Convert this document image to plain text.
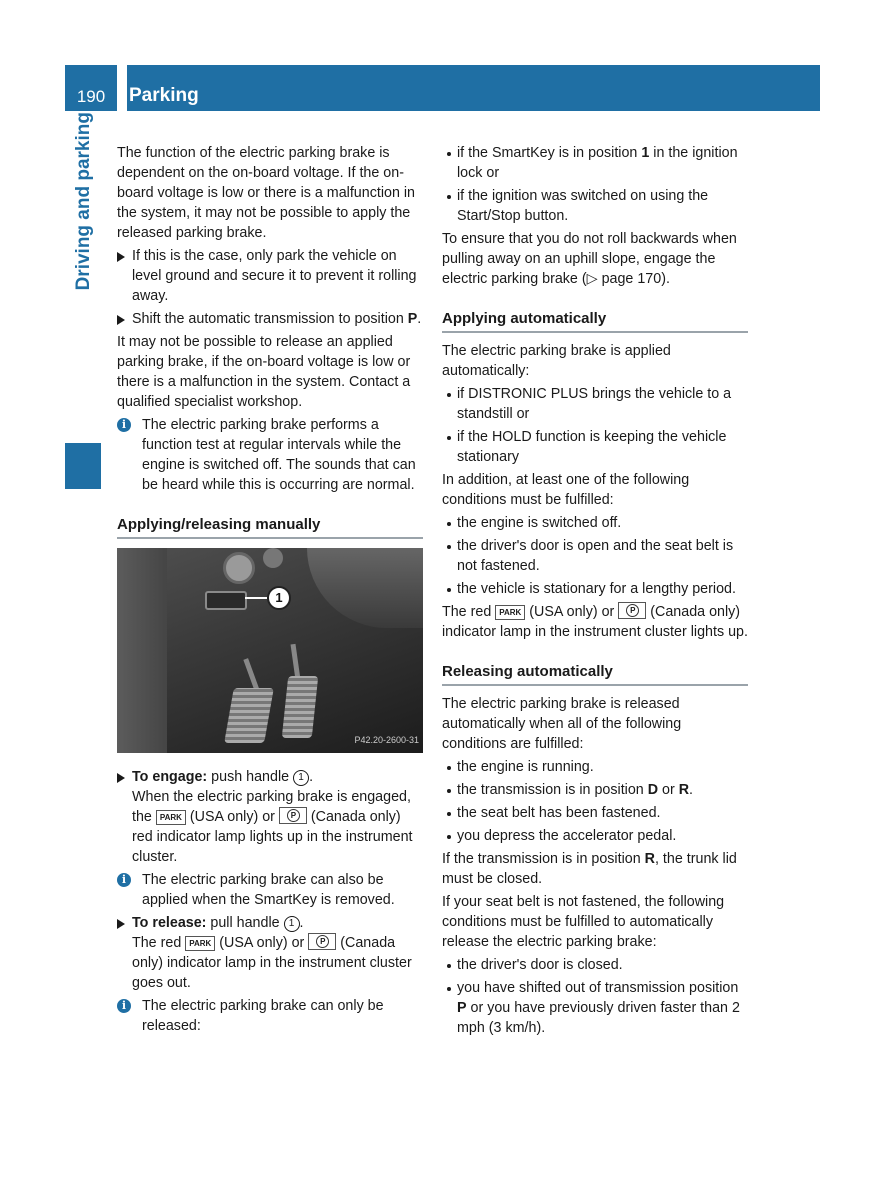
190	Parking
Driving and parking	The function of the electric parking brake is dependent on the on-board voltage. If the on-board voltage is low or there is a malfunction in the system, it may not be possible to apply the released parking brake.

If this is the case, only park the vehicle on level ground and secure it to prevent it rolling away.
Shift the automatic transmission to position P.

It may not be possible to release an applied parking brake, if the on-board voltage is low or there is a malfunction in the system. Contact a qualified specialist workshop.

i	The electric parking brake performs a function test at regular intervals while the engine is switched off. The sounds that can be heard while this is occurring are normal.
Applying/releasing manually
1
P42.20-2600-31
To engage: push handle 1 .
When the electric parking brake is engaged, the PARK (USA only) or	P (Canada only) red indicator lamp lights up in the instrument cluster.
i	The electric parking brake can also be applied when the SmartKey is removed.
To release: pull handle 1 .
The red PARK (USA only) or	P (Canada only) indicator lamp in the instrument cluster goes out.
i	The electric parking brake can only be released:
if the SmartKey is in position 1 in the ignition lock or
if the ignition was switched on using the Start/Stop button.

To ensure that you do not roll backwards when pulling away on an uphill slope, engage the electric parking brake (▷ page 170).

Applying automatically

The electric parking brake is applied automatically:

if DISTRONIC PLUS brings the vehicle to a standstill or
if the HOLD function is keeping the vehicle stationary

In addition, at least one of the following conditions must be fulfilled:

the engine is switched off.
the driver's door is open and the seat belt is not fastened.
the vehicle is stationary for a lengthy period.

The red PARK (USA only) or	P (Canada only) indicator lamp in the instrument cluster lights up.

Releasing automatically

The electric parking brake is released automatically when all of the following conditions are fulfilled:

the engine is running.
the transmission is in position D or R.
the seat belt has been fastened.
you depress the accelerator pedal.

If the transmission is in position R, the trunk lid must be closed.

If your seat belt is not fastened, the following conditions must be fulfilled to automatically release the electric parking brake:

the driver's door is closed.
you have shifted out of transmission position P or you have previously driven faster than 2 mph (3 km/h).
